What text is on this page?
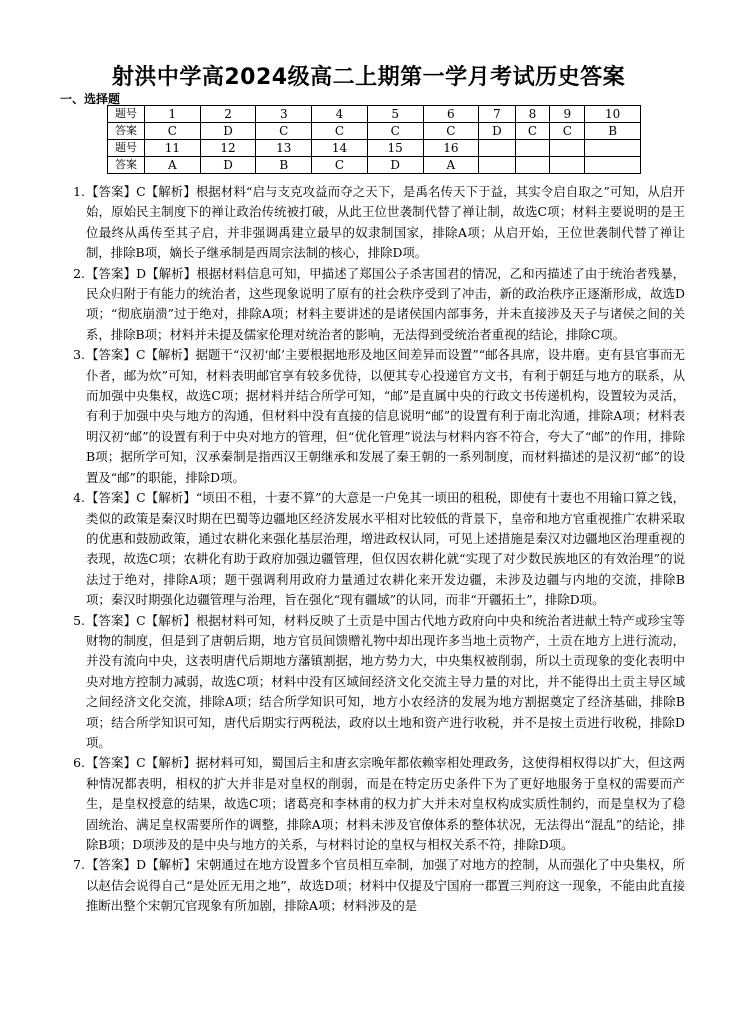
射洪中学高2024级高二上期第一学月考试历史答案
一、选择题
题号	1	2	3	4	5	6	7	8	9	10
答案	C	D	C	C	C	C	D	C	C	B
题号	11	12	13	14	15	16				
答案	A	D	B	C	D	A				
1. 【答案】C【解析】根据材料“启与支克攻益而夺之天下，是禹名传天下于益，其实令启自取之”可知，从启开始，原始民主制度下的禅让政治传统被打破，从此王位世袭制代替了禅让制，故选C项；材料主要说明的是王位最终从禹传至其子启，并非强调禹建立最早的奴隶制国家，排除A项；从启开始，王位世袭制代替了禅让制，排除B项，嫡长子继承制是西周宗法制的核心，排除D项。
2. 【答案】D【解析】根据材料信息可知，甲描述了郑国公子杀害国君的情况，乙和丙描述了由于统治者残暴，民众归附于有能力的统治者，这些现象说明了原有的社会秩序受到了冲击，新的政治秩序正逐渐形成，故选D项；“彻底崩溃”过于绝对，排除A项；材料主要讲述的是诸侯国内部事务，并未直接涉及天子与诸侯之间的关系，排除B项；材料并未提及儒家伦理对统治者的影响，无法得到受统治者重视的结论，排除C项。
3. 【答案】C【解析】据题干“汉初‘邮’主要根据地形及地区间差异而设置”“邮各具席，设井磨。吏有县官事而无仆者，邮为炊”可知，材料表明邮官享有较多优待，以便其专心投递官方文书，有利于朝廷与地方的联系，从而加强中央集权，故选C项；据材料并结合所学可知，“邮”是直属中央的行政文书传递机构，设置较为灵活，有利于加强中央与地方的沟通，但材料中没有直接的信息说明“邮”的设置有利于南北沟通，排除A项；材料表明汉初“邮”的设置有利于中央对地方的管理，但“优化管理”说法与材料内容不符合，夸大了“邮”的作用，排除B项；据所学可知，汉承秦制是指西汉王朝继承和发展了秦王朝的一系列制度，而材料描述的是汉初“邮”的设置及“邮”的职能，排除D项。
4. 【答案】C【解析】“顷田不租，十妻不算”的大意是一户免其一顷田的租税，即使有十妻也不用输口算之钱，类似的政策是秦汉时期在巴蜀等边疆地区经济发展水平相对比较低的背景下，皇帝和地方官重视推广农耕采取的优惠和鼓励政策，通过农耕化来强化基层治理，增进政权认同，可见上述措施是秦汉对边疆地区治理重视的表现，故选C项；农耕化有助于政府加强边疆管理，但仅因农耕化就“实现了对少数民族地区的有效治理”的说法过于绝对，排除A项；题干强调利用政府力量通过农耕化来开发边疆，未涉及边疆与内地的交流，排除B项；秦汉时期强化边疆管理与治理，旨在强化“现有疆域”的认同，而非“开疆拓土”，排除D项。
5. 【答案】C【解析】根据材料可知，材料反映了土贡是中国古代地方政府向中央和统治者进献土特产或珍宝等财物的制度，但是到了唐朝后期，地方官员间馈赠礼物中却出现许多当地土贡物产，土贡在地方上进行流动，并没有流向中央，这表明唐代后期地方藩镇割据，地方势力大，中央集权被削弱，所以土贡现象的变化表明中央对地方控制力减弱，故选C项；材料中没有区域间经济文化交流主导力量的对比，并不能得出土贡主导区域之间经济文化交流，排除A项；结合所学知识可知，地方小农经济的发展为地方割据奠定了经济基础，排除B项；结合所学知识可知，唐代后期实行两税法，政府以土地和资产进行收税，并不是按土贡进行收税，排除D项。
6. 【答案】C【解析】据材料可知，蜀国后主和唐玄宗晚年都依赖宰相处理政务，这使得相权得以扩大，但这两种情况都表明，相权的扩大并非是对皇权的削弱，而是在特定历史条件下为了更好地服务于皇权的需要而产生，是皇权授意的结果，故选C项；诸葛亮和李林甫的权力扩大并未对皇权构成实质性制约，而是皇权为了稳固统治、满足皇权需要所作的调整，排除A项；材料未涉及官僚体系的整体状况，无法得出“混乱”的结论，排除B项；D项涉及的是中央与地方的关系，与材料讨论的皇权与相权关系不符，排除D项。
7. 【答案】D【解析】宋朝通过在地方设置多个官员相互牵制，加强了对地方的控制，从而强化了中央集权，所以赵佶会说得自己“是处匠无用之地”，故选D项；材料中仅提及宁国府一郡置三判府这一现象，不能由此直接推断出整个宋朝冗官现象有所加剧，排除A项；材料涉及的是
